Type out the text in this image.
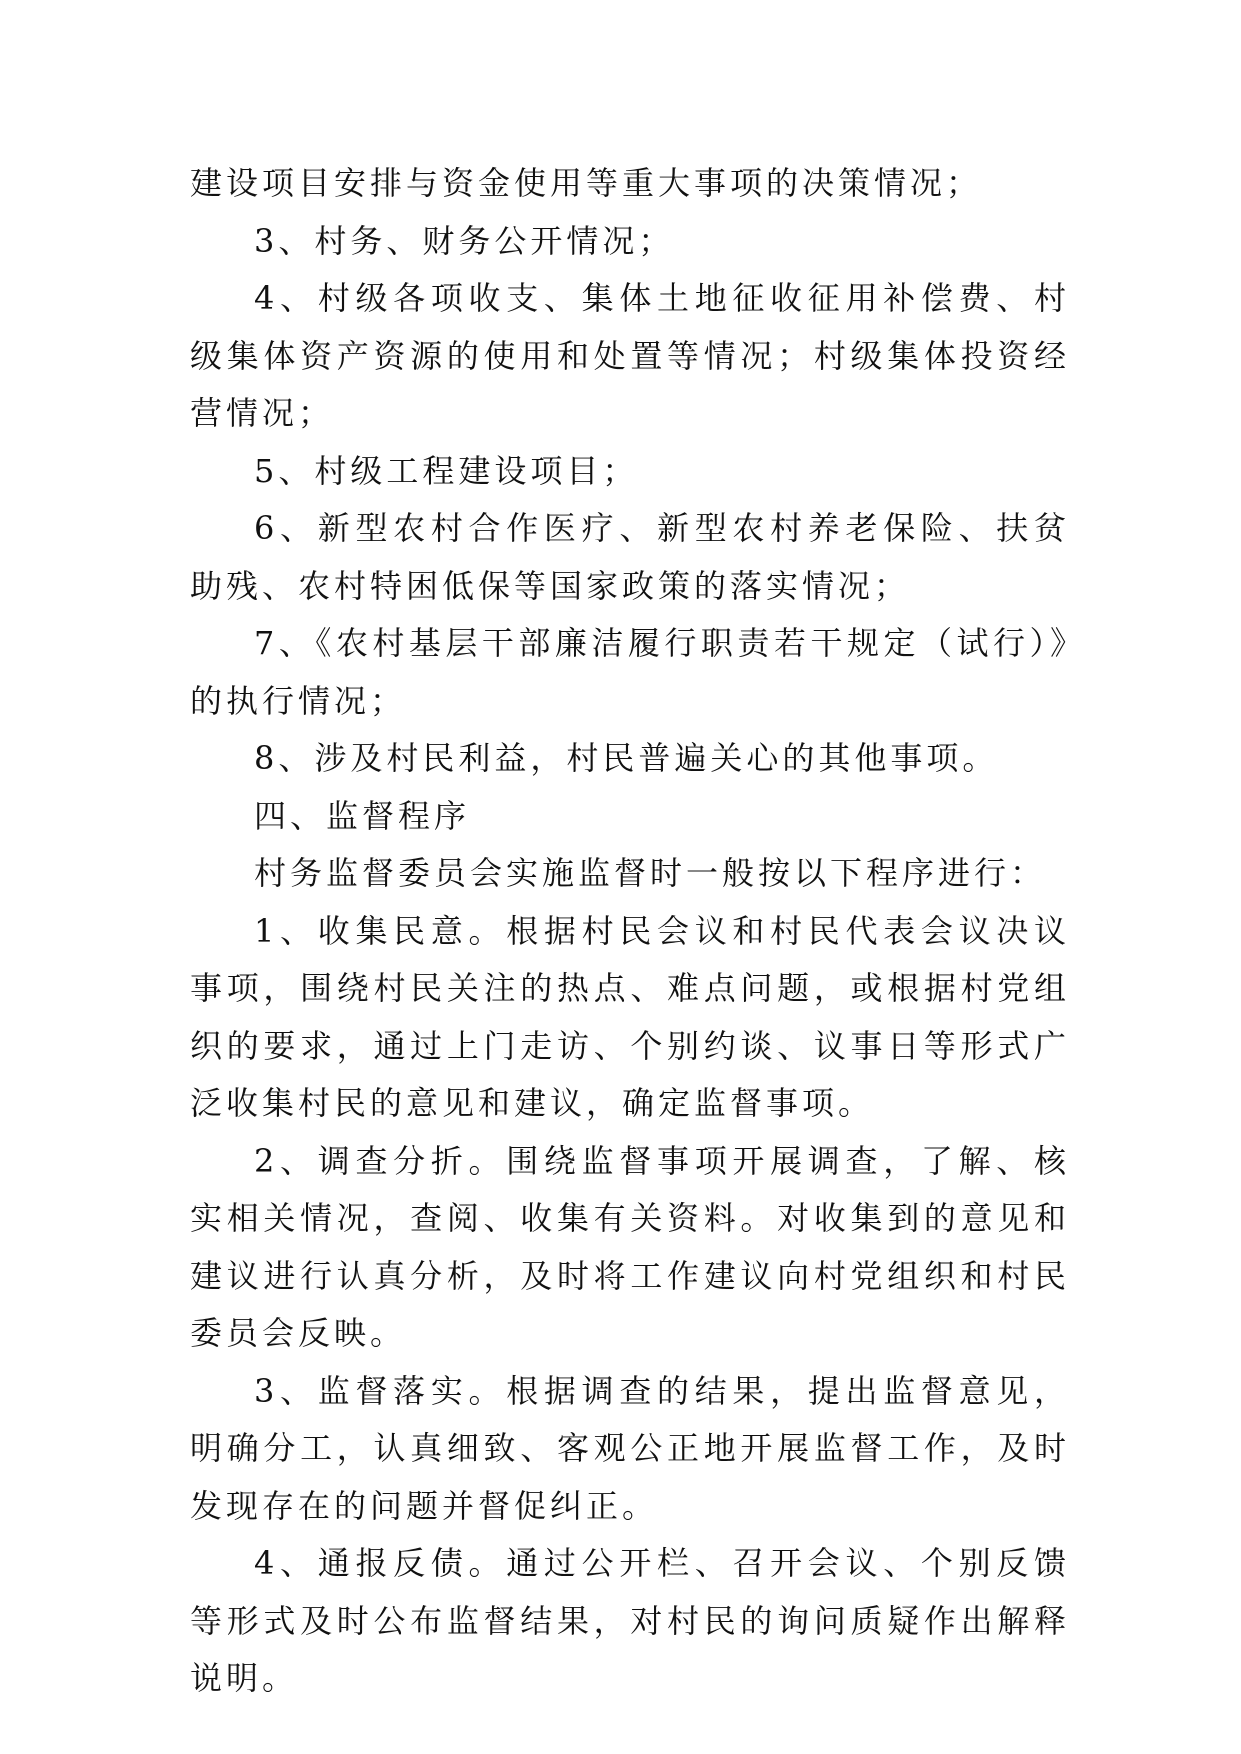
建设项目安排与资金使用等重大事项的决策情况；

3、村务、财务公开情况；

4、村级各项收支、集体土地征收征用补偿费、村级集体资产资源的使用和处置等情况；村级集体投资经营情况；

5、村级工程建设项目；

6、新型农村合作医疗、新型农村养老保险、扶贫助残、农村特困低保等国家政策的落实情况；

7、《农村基层干部廉洁履行职责若干规定（试行）》的执行情况；

8、涉及村民利益，村民普遍关心的其他事项。

四、监督程序

村务监督委员会实施监督时一般按以下程序进行：

1、收集民意。根据村民会议和村民代表会议决议事项，围绕村民关注的热点、难点问题，或根据村党组织的要求，通过上门走访、个别约谈、议事日等形式广泛收集村民的意见和建议，确定监督事项。

2、调查分折。围绕监督事项开展调查，了解、核实相关情况，查阅、收集有关资料。对收集到的意见和建议进行认真分析，及时将工作建议向村党组织和村民委员会反映。

3、监督落实。根据调查的结果，提出监督意见，明确分工，认真细致、客观公正地开展监督工作，及时发现存在的问题并督促纠正。

4、通报反债。通过公开栏、召开会议、个别反馈等形式及时公布监督结果，对村民的询问质疑作出解释说明。
